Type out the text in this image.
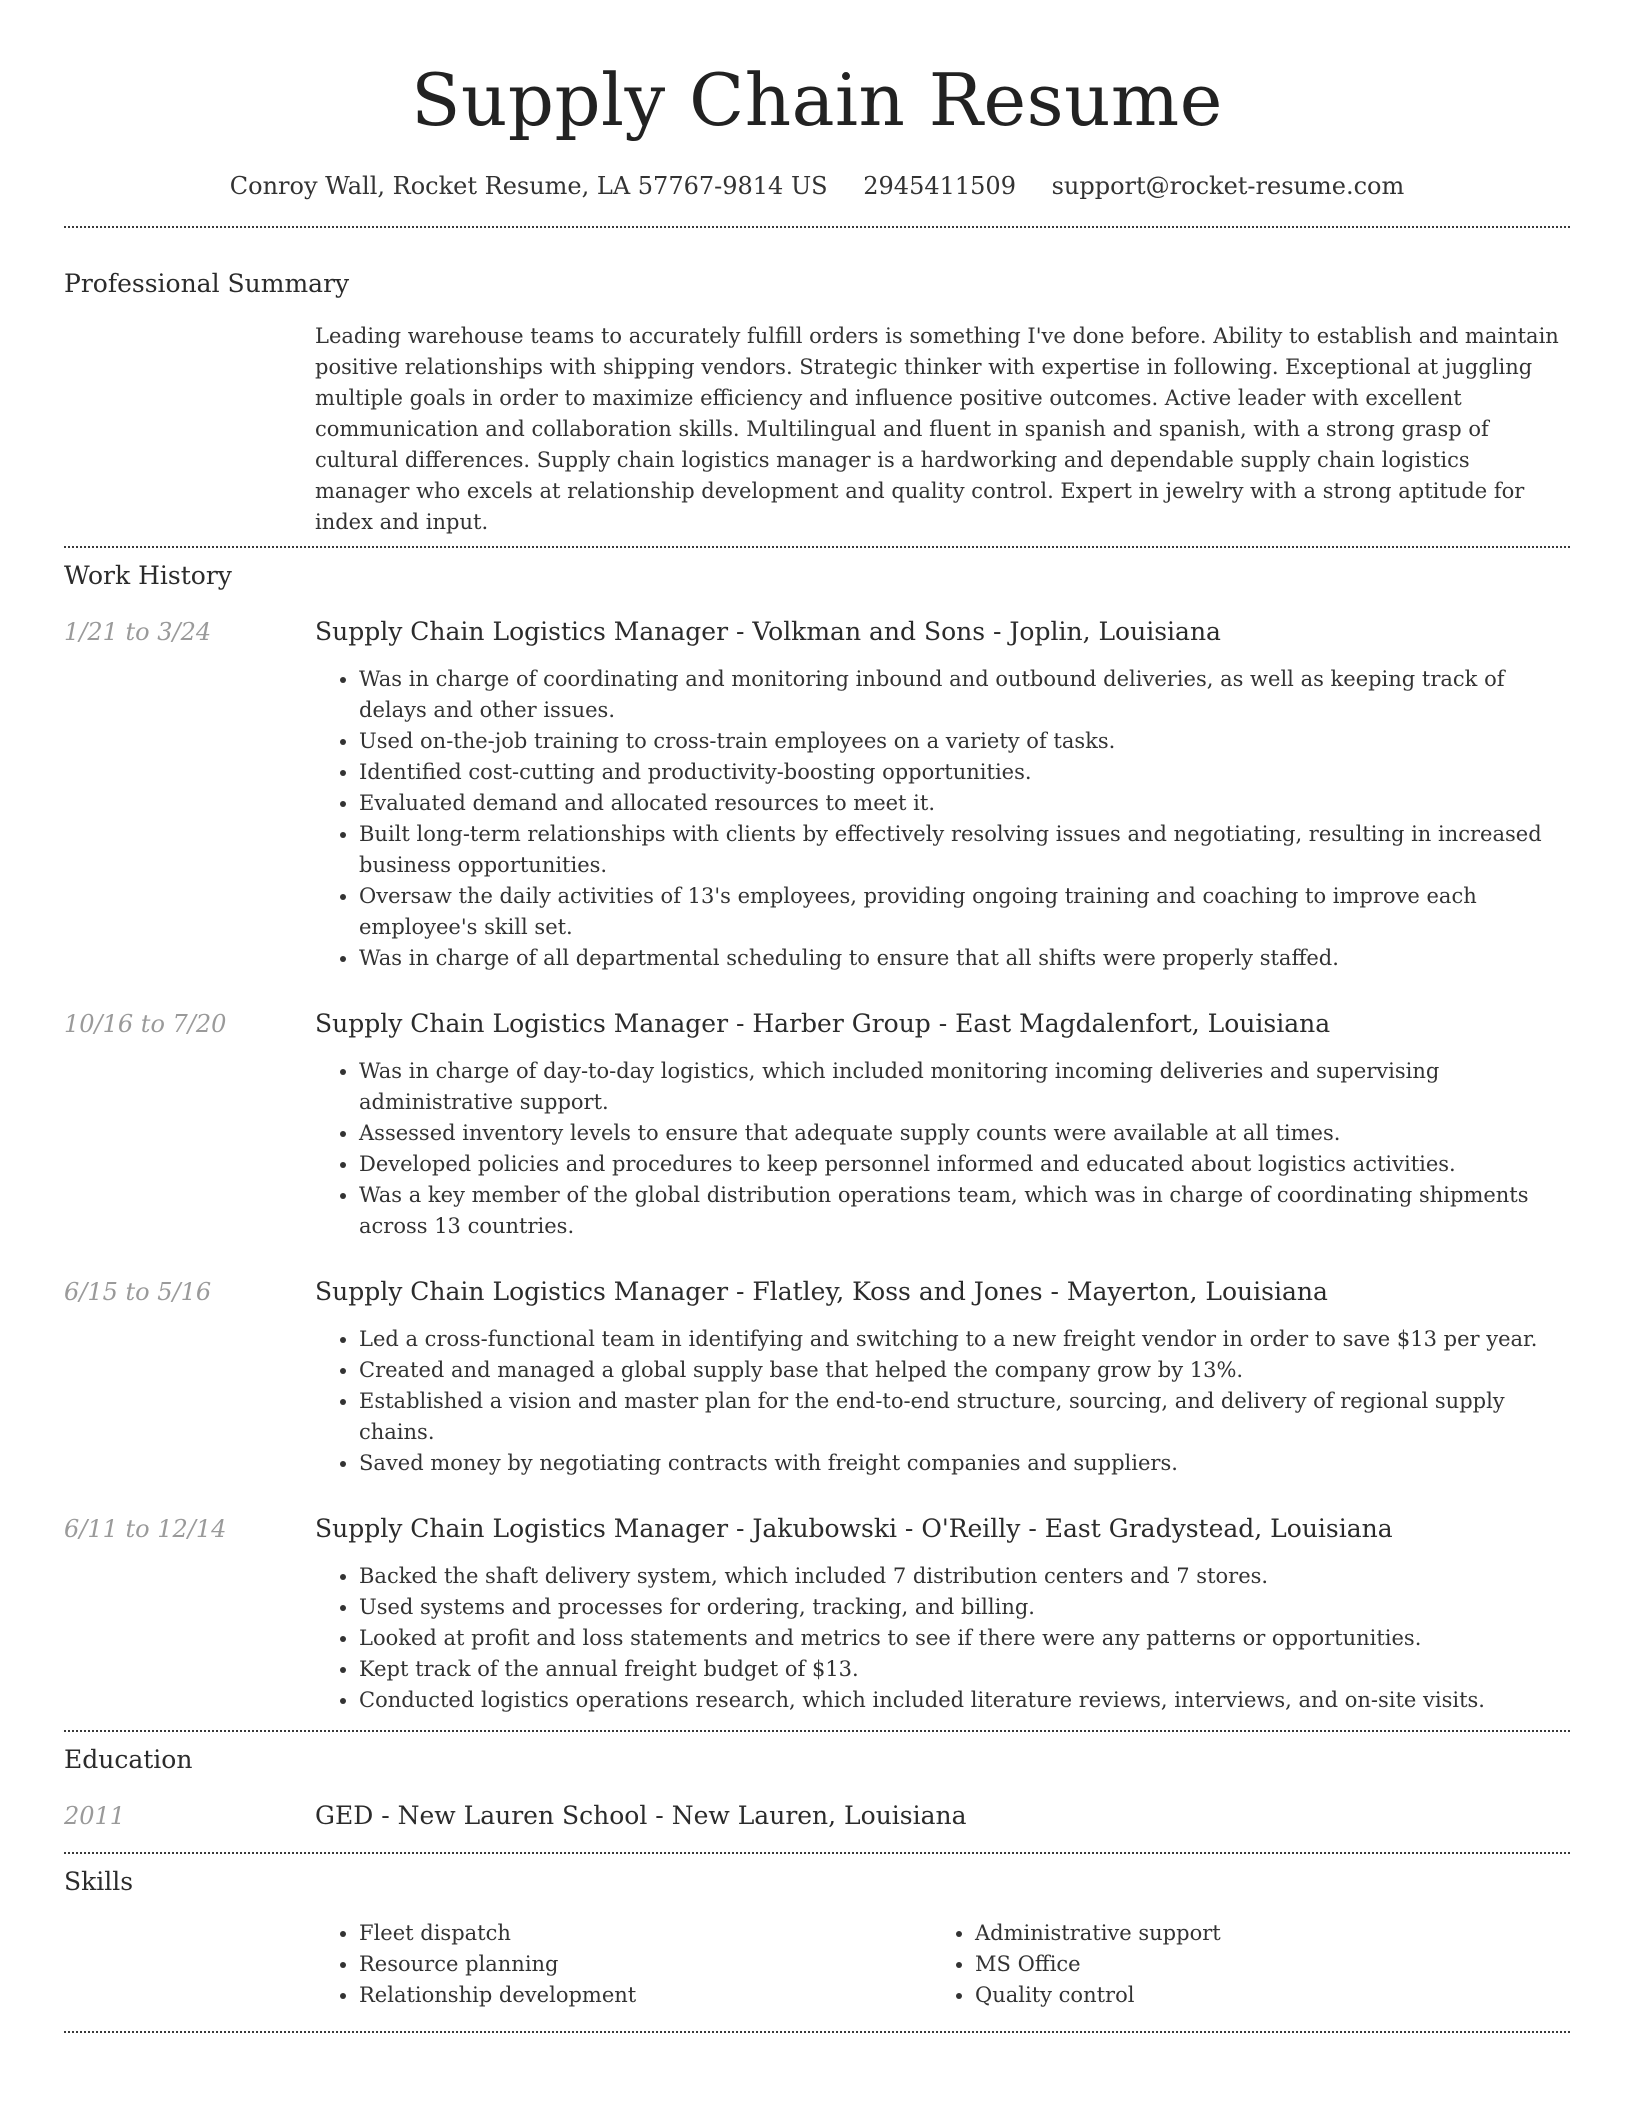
Supply Chain Resume
Conroy Wall, Rocket Resume, LA 57767-9814 US 2945411509 support@rocket-resume.com
Professional Summary

Leading warehouse teams to accurately fulfill orders is something I've done before. Ability to establish and maintain positive relationships with shipping vendors. Strategic thinker with expertise in following. Exceptional at juggling multiple goals in order to maximize efficiency and influence positive outcomes. Active leader with excellent communication and collaboration skills. Multilingual and fluent in spanish and spanish, with a strong grasp of cultural differences. Supply chain logistics manager is a hardworking and dependable supply chain logistics manager who excels at relationship development and quality control. Expert in jewelry with a strong aptitude for index and input.

Work History
1/21 to 3/24	Supply Chain Logistics Manager - Volkman and Sons - Joplin, Louisiana
• Was in charge of coordinating and monitoring inbound and outbound deliveries, as well as keeping track of delays and other issues.
• Used on-the-job training to cross-train employees on a variety of tasks.
• Identified cost-cutting and productivity-boosting opportunities.
• Evaluated demand and allocated resources to meet it.
• Built long-term relationships with clients by effectively resolving issues and negotiating, resulting in increased business opportunities.
• Oversaw the daily activities of 13's employees, providing ongoing training and coaching to improve each employee's skill set.
• Was in charge of all departmental scheduling to ensure that all shifts were properly staffed.
10/16 to 7/20	Supply Chain Logistics Manager - Harber Group - East Magdalenfort, Louisiana
• Was in charge of day-to-day logistics, which included monitoring incoming deliveries and supervising administrative support.
• Assessed inventory levels to ensure that adequate supply counts were available at all times.
• Developed policies and procedures to keep personnel informed and educated about logistics activities.
• Was a key member of the global distribution operations team, which was in charge of coordinating shipments across 13 countries.
6/15 to 5/16	Supply Chain Logistics Manager - Flatley, Koss and Jones - Mayerton, Louisiana
• Led a cross-functional team in identifying and switching to a new freight vendor in order to save $13 per year.
• Created and managed a global supply base that helped the company grow by 13%.
• Established a vision and master plan for the end-to-end structure, sourcing, and delivery of regional supply chains.
• Saved money by negotiating contracts with freight companies and suppliers.
6/11 to 12/14	Supply Chain Logistics Manager - Jakubowski - O'Reilly - East Gradystead, Louisiana
• Backed the shaft delivery system, which included 7 distribution centers and 7 stores.
• Used systems and processes for ordering, tracking, and billing.
• Looked at profit and loss statements and metrics to see if there were any patterns or opportunities.
• Kept track of the annual freight budget of $13.
• Conducted logistics operations research, which included literature reviews, interviews, and on-site visits.
Education
2011	GED - New Lauren School - New Lauren, Louisiana
Skills
• Fleet dispatch
• Resource planning
• Relationship development
• Administrative support
• MS Office
• Quality control
